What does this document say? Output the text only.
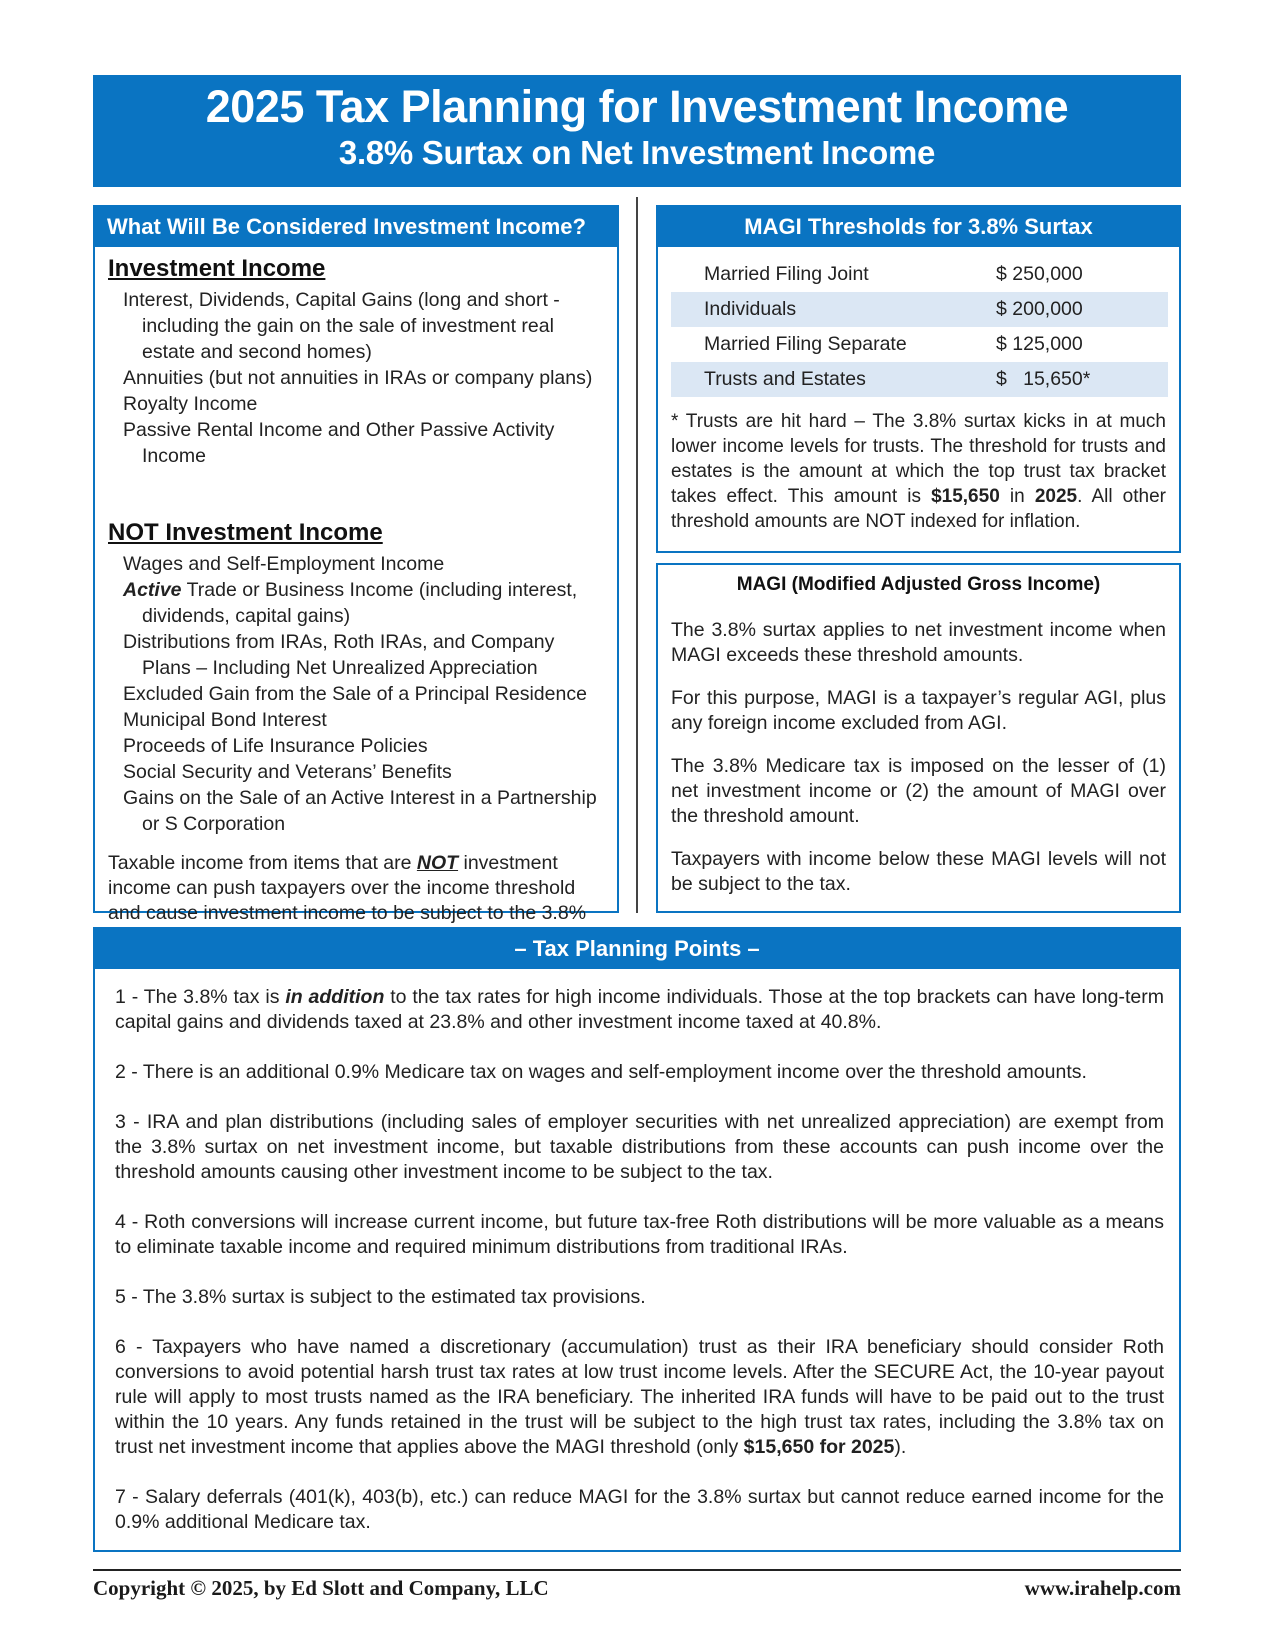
2025 Tax Planning for Investment Income
3.8% Surtax on Net Investment Income
What Will Be Considered Investment Income?
Investment Income
Interest, Dividends, Capital Gains (long and short - including the gain on the sale of investment real estate and second homes)
Annuities (but not annuities in IRAs or company plans)
Royalty Income
Passive Rental Income and Other Passive Activity Income
NOT Investment Income
Wages and Self-Employment Income
Active Trade or Business Income (including interest, dividends, capital gains)
Distributions from IRAs, Roth IRAs, and Company Plans – Including Net Unrealized Appreciation
Excluded Gain from the Sale of a Principal Residence
Municipal Bond Interest
Proceeds of Life Insurance Policies
Social Security and Veterans’ Benefits
Gains on the Sale of an Active Interest in a Partnership or S Corporation
Taxable income from items that are NOT investment income can push taxpayers over the income threshold and cause investment income to be subject to the 3.8%
MAGI Thresholds for 3.8% Surtax
Married Filing Joint	$ 250,000
Individuals	$ 200,000
Married Filing Separate	$ 125,000
Trusts and Estates	$   15,650*
* Trusts are hit hard – The 3.8% surtax kicks in at much lower income levels for trusts. The threshold for trusts and estates is the amount at which the top trust tax bracket takes effect. This amount is $15,650 in 2025. All other threshold amounts are NOT indexed for inflation.
MAGI (Modified Adjusted Gross Income)
The 3.8% surtax applies to net investment income when MAGI exceeds these threshold amounts.
For this purpose, MAGI is a taxpayer’s regular AGI, plus any foreign income excluded from AGI.
The 3.8% Medicare tax is imposed on the lesser of (1) net investment income or (2) the amount of MAGI over the threshold amount.
Taxpayers with income below these MAGI levels will not be subject to the tax.
– Tax Planning Points –
1 - The 3.8% tax is in addition to the tax rates for high income individuals. Those at the top brackets can have long-term capital gains and dividends taxed at 23.8% and other investment income taxed at 40.8%.
2 - There is an additional 0.9% Medicare tax on wages and self-employment income over the threshold amounts.
3 - IRA and plan distributions (including sales of employer securities with net unrealized appreciation) are exempt from the 3.8% surtax on net investment income, but taxable distributions from these accounts can push income over the threshold amounts causing other investment income to be subject to the tax.
4 - Roth conversions will increase current income, but future tax-free Roth distributions will be more valuable as a means to eliminate taxable income and required minimum distributions from traditional IRAs.
5 - The 3.8% surtax is subject to the estimated tax provisions.
6 - Taxpayers who have named a discretionary (accumulation) trust as their IRA beneficiary should consider Roth conversions to avoid potential harsh trust tax rates at low trust income levels. After the SECURE Act, the 10-year payout rule will apply to most trusts named as the IRA beneficiary. The inherited IRA funds will have to be paid out to the trust within the 10 years. Any funds retained in the trust will be subject to the high trust tax rates, including the 3.8% tax on trust net investment income that applies above the MAGI threshold (only $15,650 for 2025).
7 - Salary deferrals (401(k), 403(b), etc.) can reduce MAGI for the 3.8% surtax but cannot reduce earned income for the 0.9% additional Medicare tax.
Copyright © 2025, by Ed Slott and Company, LLC	www.irahelp.com
